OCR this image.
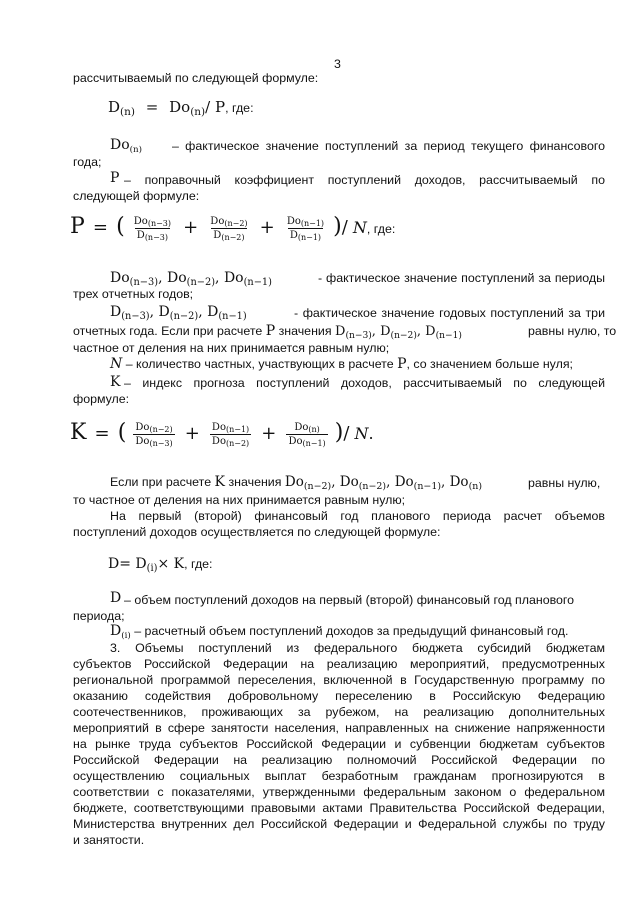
3
рассчитываемый по следующей формуле:
$D_{(n)} = Do_{(n)}/$ P, где:
$Do_{(n)}$ – фактическое значение поступлений за период текущего финансового
года;
P – поправочный коэффициент поступлений доходов, рассчитываемый по
следующей формуле:
P = ( $\frac{Do_{(n-3)}}{D_{(n-3)}} + \frac{Do_{(n-2)}}{D_{(n-2)}} + \frac{Do_{(n-1)}}{D_{(n-1)}}$ )/ N, где:
$Do_{(n-3)}$, $Do_{(n-2)}$, $Do_{(n-1)}$	- фактическое значение поступлений за периоды
трех отчетных годов;
$D_{(n-3)}$, $D_{(n-2)}$, $D_{(n-1)}$	- фактическое значение годовых поступлений за три
отчетных года. Если при расчете P значения $D_{(n-3)}$, $D_{(n-2)}$, $D_{(n-1)}$	равны нулю, то
частное от деления на них принимается равным нулю;
N – количество частных, участвующих в расчете P, со значением больше нуля;
K – индекс прогноза поступлений доходов, рассчитываемый по следующей
формуле:
K = ( $\frac{Do_{(n-2)}}{Do_{(n-3)}} + \frac{Do_{(n-1)}}{Do_{(n-2)}} + \frac{Do_{(n)}}{Do_{(n-1)}}$ )/ N.
Если при расчете K значения $Do_{(n-2)}$, $Do_{(n-2)}$, $Do_{(n-1)}$, $Do_{(n)}$	равны нулю,
то частное от деления на них принимается равным нулю;
На первый (второй) финансовый год планового периода расчет объемов
поступлений доходов осуществляется по следующей формуле:
$D= D_{(i)}\times K$, где:
D – объем поступлений доходов на первый (второй) финансовый год планового
периода;
$D_{(i)}$ – расчетный объем поступлений доходов за предыдущий финансовый год.
3. Объемы поступлений из федерального бюджета субсидий бюджетам
субъектов Российской Федерации на реализацию мероприятий, предусмотренных
региональной программой переселения, включенной в Государственную программу по
оказанию содействия добровольному переселению в Российскую Федерацию
соотечественников, проживающих за рубежом, на реализацию дополнительных
мероприятий в сфере занятости населения, направленных на снижение напряженности
на рынке труда субъектов Российской Федерации и субвенции бюджетам субъектов
Российской Федерации на реализацию полномочий Российской Федерации по
осуществлению социальных выплат безработным гражданам прогнозируются в
соответствии с показателями, утвержденными федеральным законом о федеральном
бюджете, соответствующими правовыми актами Правительства Российской Федерации,
Министерства внутренних дел Российской Федерации и Федеральной службы по труду
и занятости.
